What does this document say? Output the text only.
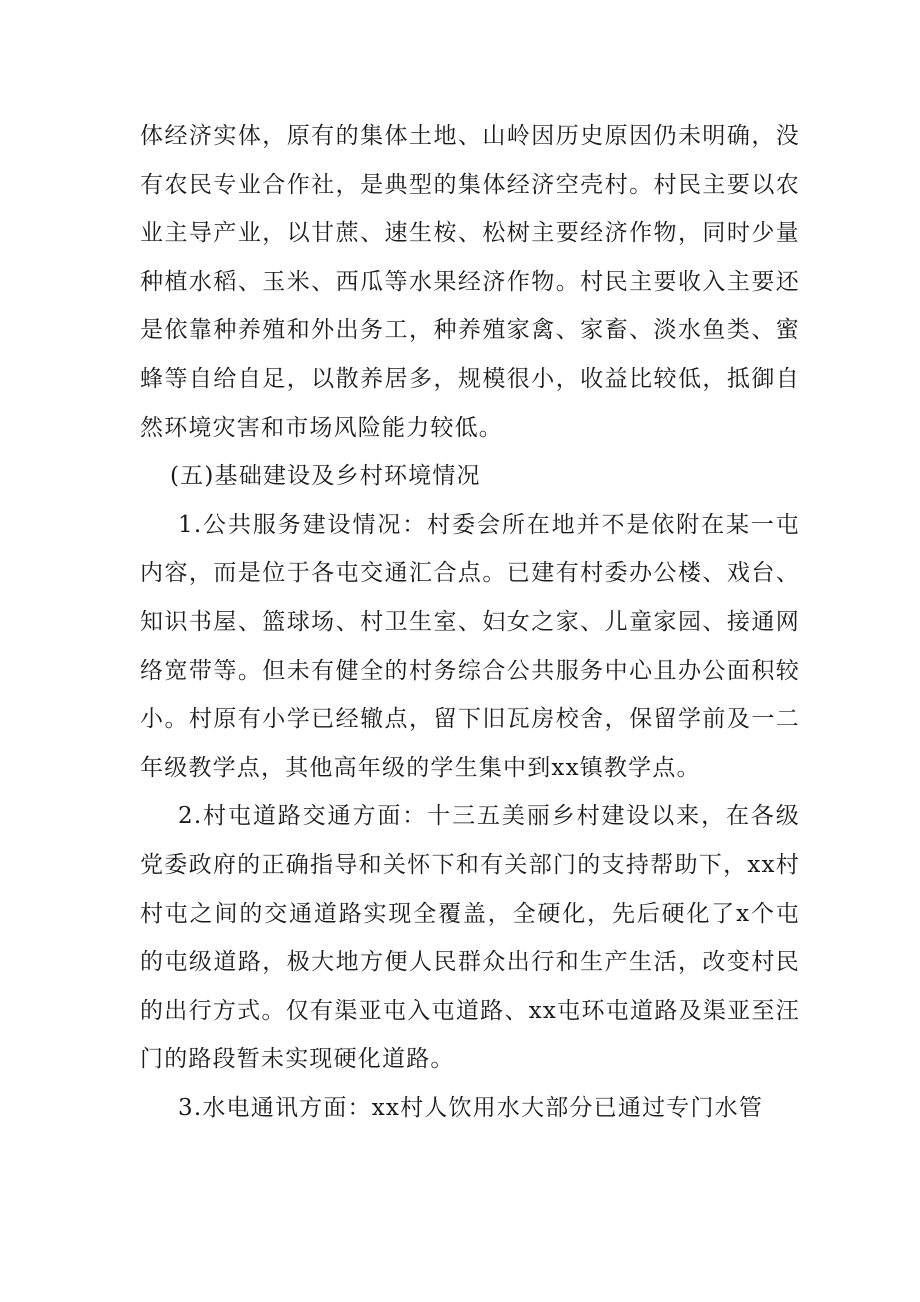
体经济实体，原有的集体土地、山岭因历史原因仍未明确，没有农民专业合作社，是典型的集体经济空壳村。村民主要以农业主导产业，以甘蔗、速生桉、松树主要经济作物，同时少量种植水稻、玉米、西瓜等水果经济作物。村民主要收入主要还是依靠种养殖和外出务工，种养殖家禽、家畜、淡水鱼类、蜜蜂等自给自足，以散养居多，规模很小，收益比较低，抵御自然环境灾害和市场风险能力较低。

(五)基础建设及乡村环境情况

1.公共服务建设情况：村委会所在地并不是依附在某一屯内容，而是位于各屯交通汇合点。已建有村委办公楼、戏台、知识书屋、篮球场、村卫生室、妇女之家、儿童家园、接通网络宽带等。但未有健全的村务综合公共服务中心且办公面积较小。村原有小学已经辙点，留下旧瓦房校舍，保留学前及一二年级教学点，其他高年级的学生集中到xx镇教学点。

2.村屯道路交通方面：十三五美丽乡村建设以来，在各级党委政府的正确指导和关怀下和有关部门的支持帮助下，xx村村屯之间的交通道路实现全覆盖，全硬化，先后硬化了x个屯的屯级道路，极大地方便人民群众出行和生产生活，改变村民的出行方式。仅有渠亚屯入屯道路、xx屯环屯道路及渠亚至汪门的路段暂未实现硬化道路。

3.水电通讯方面：xx村人饮用水大部分已通过专门水管
